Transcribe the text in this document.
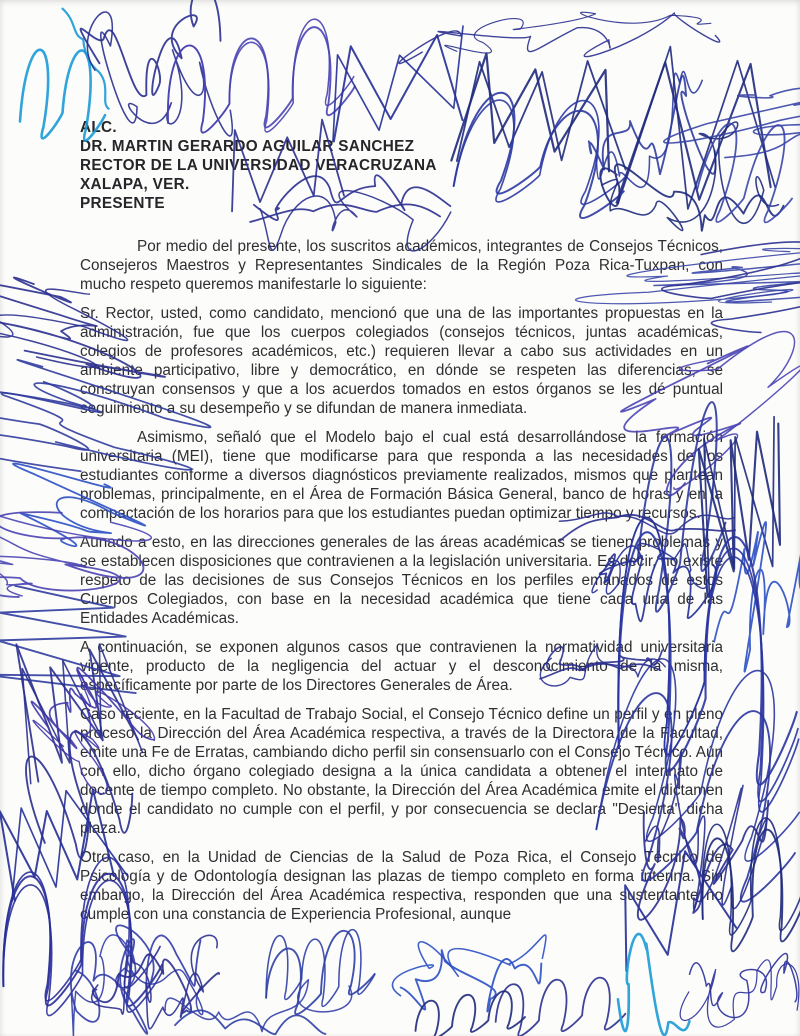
ALC.
DR. MARTIN GERARDO AGUILAR SANCHEZ
RECTOR DE LA UNIVERSIDAD VERACRUZANA
XALAPA, VER.
PRESENTE

Por medio del presente, los suscritos académicos, integrantes de Consejos Técnicos, Consejeros Maestros y Representantes Sindicales de la Región Poza Rica-Tuxpan, con mucho respeto queremos manifestarle lo siguiente:

Sr. Rector, usted, como candidato, mencionó que una de las importantes propuestas en la administración, fue que los cuerpos colegiados (consejos técnicos, juntas académicas, colegios de profesores académicos, etc.) requieren llevar a cabo sus actividades en un ambiente participativo, libre y democrático, en dónde se respeten las diferencias, se construyan consensos y que a los acuerdos tomados en estos órganos se les dé puntual seguimiento a su desempeño y se difundan de manera inmediata.

Asimismo, señaló que el Modelo bajo el cual está desarrollándose la formación universitaria (MEI), tiene que modificarse para que responda a las necesidades de los estudiantes conforme a diversos diagnósticos previamente realizados, mismos que plantean problemas, principalmente, en el Área de Formación Básica General, banco de horas y en la compactación de los horarios para que los estudiantes puedan optimizar tiempo y recursos.

Aunado a esto, en las direcciones generales de las áreas académicas se tienen problemas y se establecen disposiciones que contravienen a la legislación universitaria. Es decir, no existe respeto de las decisiones de sus Consejos Técnicos en los perfiles emanados de estos Cuerpos Colegiados, con base en la necesidad académica que tiene cada una de las Entidades Académicas.

A continuación, se exponen algunos casos que contravienen la normatividad universitaria vigente, producto de la negligencia del actuar y el desconocimiento de la misma, específicamente por parte de los Directores Generales de Área.

Caso reciente, en la Facultad de Trabajo Social, el Consejo Técnico define un perfil y en pleno proceso la Dirección del Área Académica respectiva, a través de la Directora de la Facultad, emite una Fe de Erratas, cambiando dicho perfil sin consensuarlo con el Consejo Técnico. Aún con ello, dicho órgano colegiado designa a la única candidata a obtener el interinato de docente de tiempo completo. No obstante, la Dirección del Área Académica emite el dictamen donde el candidato no cumple con el perfil, y por consecuencia se declara "Desierta" dicha plaza.

Otro caso, en la Unidad de Ciencias de la Salud de Poza Rica, el Consejo Técnico de Psicología y de Odontología designan las plazas de tiempo completo en forma interina. Sin embargo, la Dirección del Área Académica respectiva, responden que una sustentante no cumple con una constancia de Experiencia Profesional, aunque
